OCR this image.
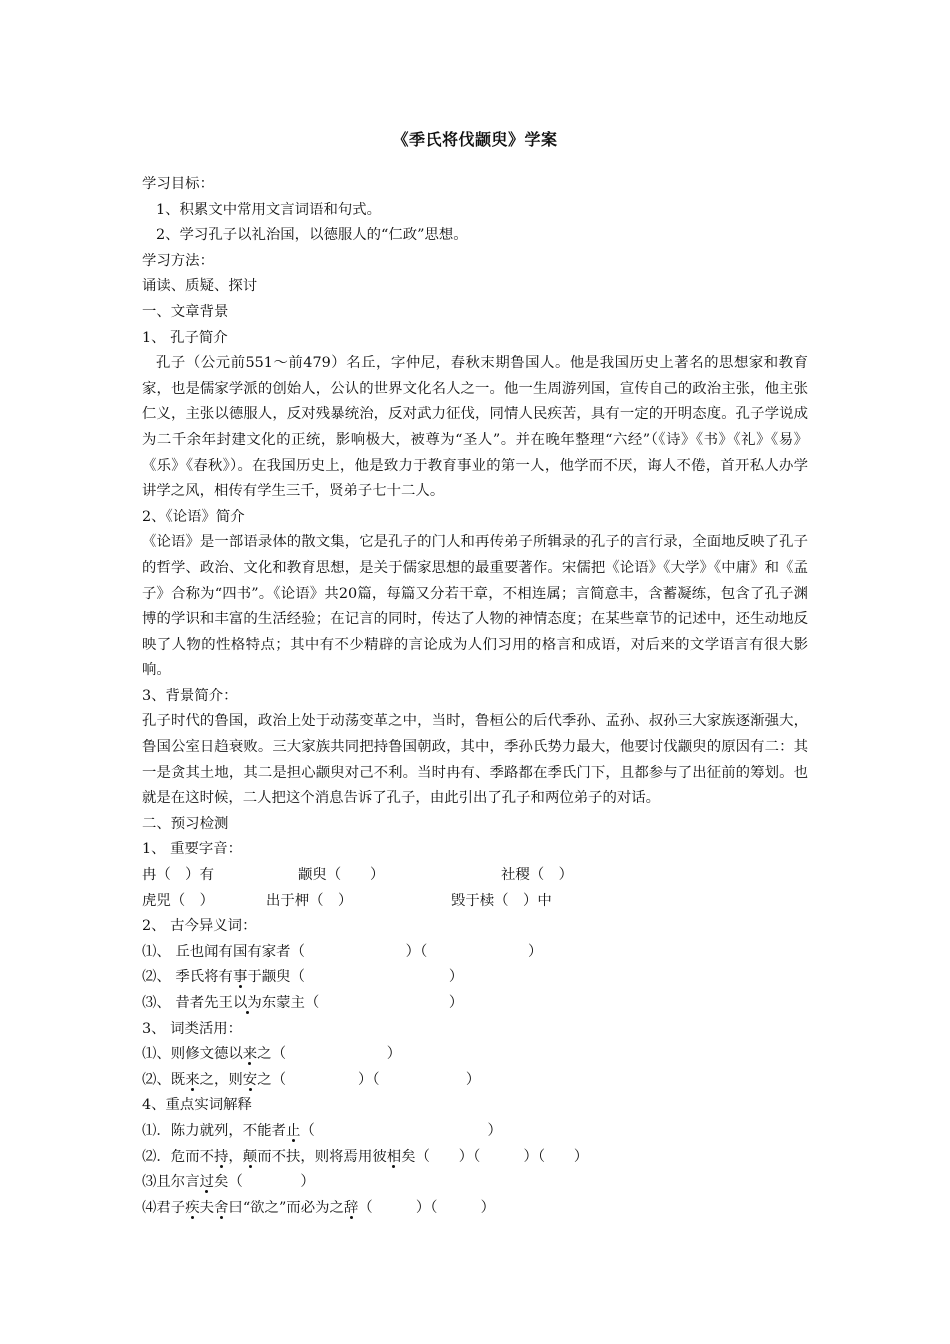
《季氏将伐颛臾》学案
学习目标：
1、积累文中常用文言词语和句式。
2、学习孔子以礼治国，以德服人的“仁政”思想。
学习方法：
诵读、质疑、探讨
一、文章背景
1、 孔子简介
孔子（公元前551～前479）名丘，字仲尼，春秋末期鲁国人。他是我国历史上著名的思想家和教育家，也是儒家学派的创始人，公认的世界文化名人之一。他一生周游列国，宣传自己的政治主张，他主张仁义，主张以德服人，反对残暴统治，反对武力征伐，同情人民疾苦，具有一定的开明态度。孔子学说成为二千余年封建文化的正统，影响极大，被尊为“圣人”。并在晚年整理“六经”（《诗》《书》《礼》《易》《乐》《春秋》）。在我国历史上，他是致力于教育事业的第一人，他学而不厌，诲人不倦，首开私人办学讲学之风，相传有学生三千，贤弟子七十二人。
2、《论语》简介
《论语》是一部语录体的散文集，它是孔子的门人和再传弟子所辑录的孔子的言行录，全面地反映了孔子的哲学、政治、文化和教育思想，是关于儒家思想的最重要著作。宋儒把《论语》《大学》《中庸》和《孟子》合称为“四书”。《论语》共20篇，每篇又分若干章，不相连属；言简意丰，含蓄凝练，包含了孔子渊博的学识和丰富的生活经验；在记言的同时，传达了人物的神情态度；在某些章节的记述中，还生动地反映了人物的性格特点；其中有不少精辟的言论成为人们习用的格言和成语，对后来的文学语言有很大影响。
3、背景简介：
孔子时代的鲁国，政治上处于动荡变革之中，当时，鲁桓公的后代季孙、孟孙、叔孙三大家族逐渐强大，鲁国公室日趋衰败。三大家族共同把持鲁国朝政，其中，季孙氏势力最大，他要讨伐颛臾的原因有二：其一是贪其土地，其二是担心颛臾对己不利。当时冉有、季路都在季氏门下，且都参与了出征前的筹划。也就是在这时候，二人把这个消息告诉了孔子，由此引出了孔子和两位弟子的对话。
二、预习检测
1、 重要字音：
冉（　）有	颛臾（　　）	社稷（　）
虎兕（　）	出于柙（　）	毁于椟（　）中
2、 古今异义词：
⑴、 丘也闻有国有家者（　　　　　　　）（　　　　　　　）
⑵、 季氏将有事于颛臾（　　　　　　　　　　）
⑶、 昔者先王以为东蒙主（　　　　　　　　　）
3、 词类活用：
⑴、则修文德以来之（　　　　　　　）
⑵、既来之，则安之（　　　　　）（　　　　　　）
4、重点实词解释
⑴．陈力就列，不能者止（　　　　　　　　　　　　）
⑵．危而不持，颠而不扶，则将焉用彼相矣（　　）（　　　）（　　）
⑶且尔言过矣（　　　　）
⑷君子疾夫舍曰“欲之”而必为之辞（　　　）（　　　）
